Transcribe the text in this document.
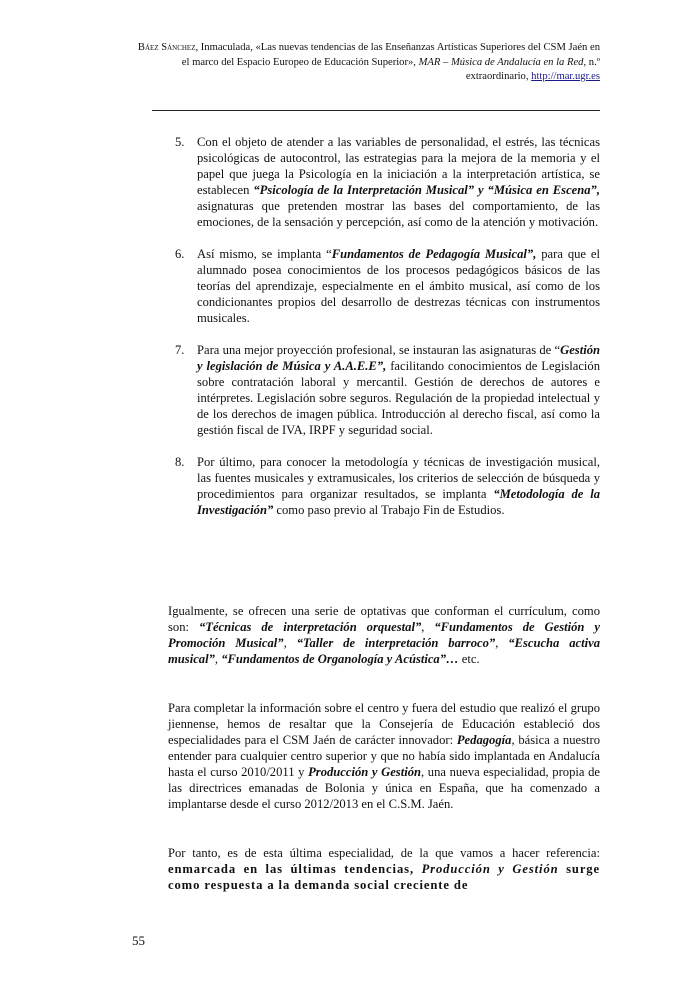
Báez Sánchez, Inmaculada, «Las nuevas tendencias de las Enseñanzas Artísticas Superiores del CSM Jaén en el marco del Espacio Europeo de Educación Superior», MAR – Música de Andalucía en la Red, n.º extraordinario, http://mar.ugr.es
5. Con el objeto de atender a las variables de personalidad, el estrés, las técnicas psicológicas de autocontrol, las estrategias para la mejora de la memoria y el papel que juega la Psicología en la iniciación a la interpretación artística, se establecen “Psicología de la Interpretación Musical” y “Música en Escena”, asignaturas que pretenden mostrar las bases del comportamiento, de las emociones, de la sensación y percepción, así como de la atención y motivación.
6. Así mismo, se implanta “Fundamentos de Pedagogía Musical”, para que el alumnado posea conocimientos de los procesos pedagógicos básicos de las teorías del aprendizaje, especialmente en el ámbito musical, así como de los condicionantes propios del desarrollo de destrezas técnicas con instrumentos musicales.
7. Para una mejor proyección profesional, se instauran las asignaturas de “Gestión y legislación de Música y A.A.E.E”, facilitando conocimientos de Legislación sobre contratación laboral y mercantil. Gestión de derechos de autores e intérpretes. Legislación sobre seguros. Regulación de la propiedad intelectual y de los derechos de imagen pública. Introducción al derecho fiscal, así como la gestión fiscal de IVA, IRPF y seguridad social.
8. Por último, para conocer la metodología y técnicas de investigación musical, las fuentes musicales y extramusicales, los criterios de selección de búsqueda y procedimientos para organizar resultados, se implanta “Metodología de la Investigación” como paso previo al Trabajo Fin de Estudios.
Igualmente, se ofrecen una serie de optativas que conforman el currículum, como son: “Técnicas de interpretación orquestal”, “Fundamentos de Gestión y Promoción Musical”, “Taller de interpretación barroco”, “Escucha activa musical”, “Fundamentos de Organología y Acústica”… etc.
Para completar la información sobre el centro y fuera del estudio que realizó el grupo jiennense, hemos de resaltar que la Consejería de Educación estableció dos especialidades para el CSM Jaén de carácter innovador: Pedagogía, básica a nuestro entender para cualquier centro superior y que no había sido implantada en Andalucía hasta el curso 2010/2011 y Producción y Gestión, una nueva especialidad, propia de las directrices emanadas de Bolonia y única en España, que ha comenzado a implantarse desde el curso 2012/2013 en el C.S.M. Jaén.
Por tanto, es de esta última especialidad, de la que vamos a hacer referencia: enmarcada en las últimas tendencias, Producción y Gestión surge como respuesta a la demanda social creciente de
55
